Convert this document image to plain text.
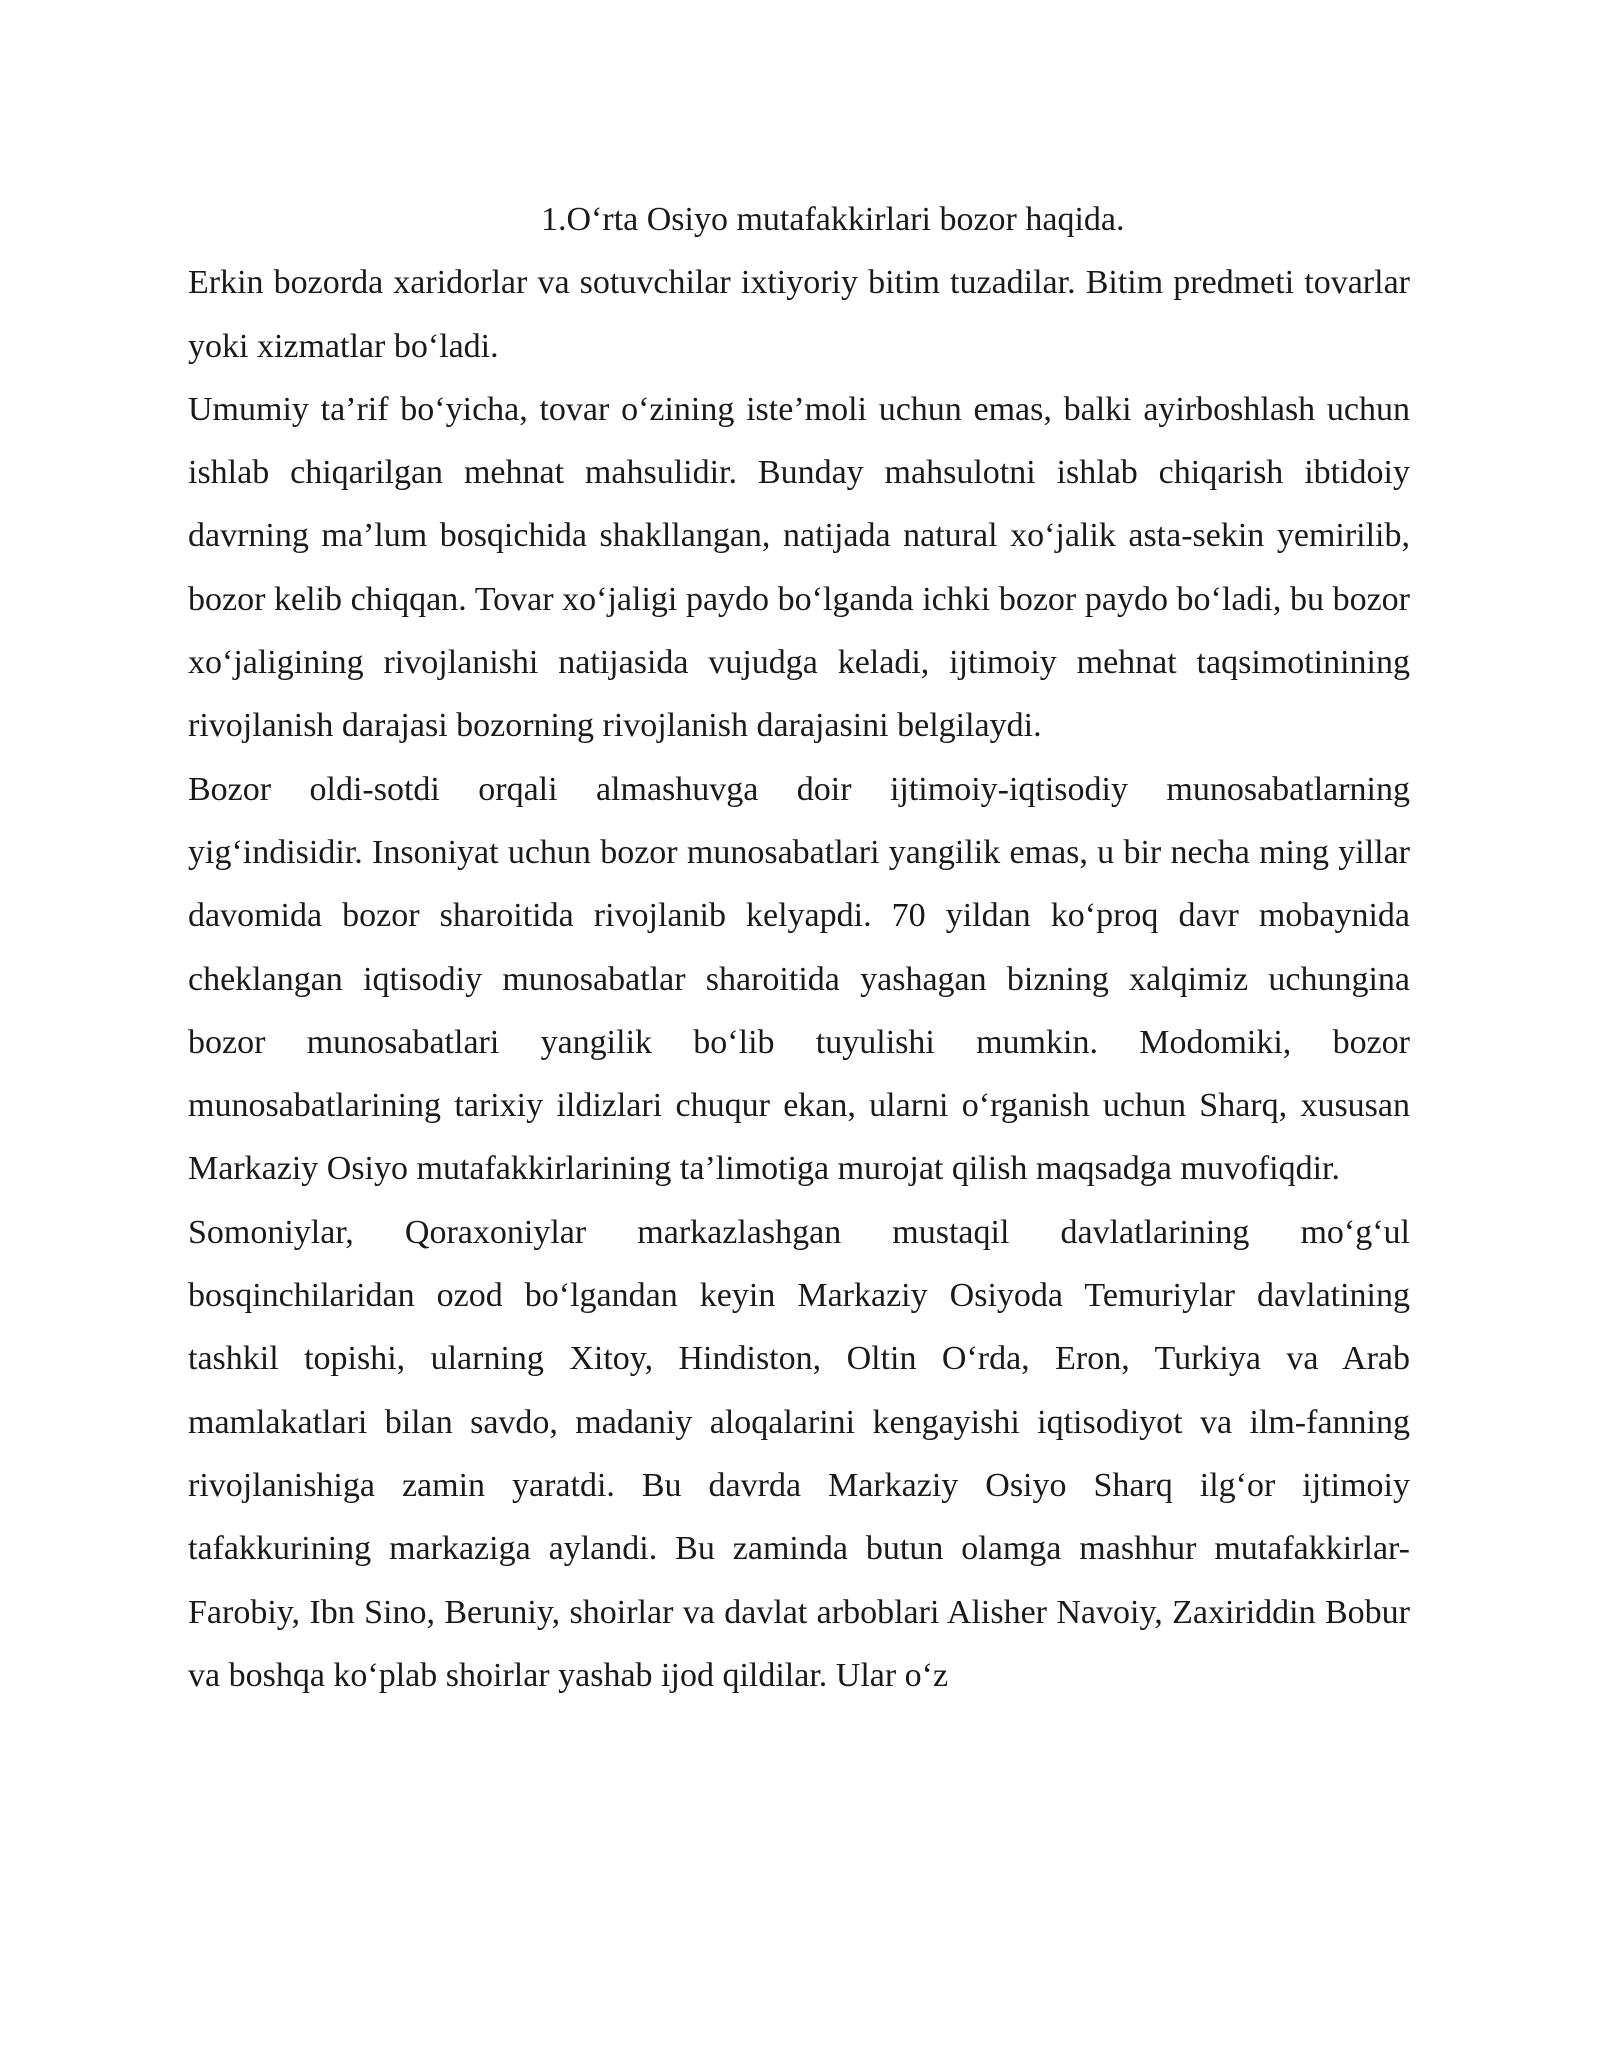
1.O‘rta Osiyo mutafakkirlari bozor haqida.

Erkin bozorda xaridorlar va sotuvchilar ixtiyoriy bitim tuzadilar. Bitim predmeti tovarlar yoki xizmatlar bo‘ladi.

Umumiy ta’rif bo‘yicha, tovar o‘zining iste’moli uchun emas, balki ayirboshlash uchun ishlab chiqarilgan mehnat mahsulidir. Bunday mahsulotni ishlab chiqarish ibtidoiy davrning ma’lum bosqichida shakllangan, natijada natural xo‘jalik asta-sekin yemirilib, bozor kelib chiqqan. Tovar xo‘jaligi paydo bo‘lganda ichki bozor paydo bo‘ladi, bu bozor xo‘jaligining rivojlanishi natijasida vujudga keladi, ijtimoiy mehnat taqsimotinining rivojlanish darajasi bozorning rivojlanish darajasini belgilaydi.

Bozor oldi-sotdi orqali almashuvga doir ijtimoiy-iqtisodiy munosabatlarning yig‘indisidir. Insoniyat uchun bozor munosabatlari yangilik emas, u bir necha ming yillar davomida bozor sharoitida rivojlanib kelyapdi. 70 yildan ko‘proq davr mobaynida cheklangan iqtisodiy munosabatlar sharoitida yashagan bizning xalqimiz uchungina bozor munosabatlari yangilik bo‘lib tuyulishi mumkin. Modomiki, bozor munosabatlarining tarixiy ildizlari chuqur ekan, ularni o‘rganish uchun Sharq, xususan Markaziy Osiyo mutafakkirlarining ta’limotiga murojat qilish maqsadga muvofiqdir.

Somoniylar, Qoraxoniylar markazlashgan mustaqil davlatlarining mo‘g‘ul bosqinchilaridan ozod bo‘lgandan keyin Markaziy Osiyoda Temuriylar davlatining tashkil topishi, ularning Xitoy, Hindiston, Oltin O‘rda, Eron, Turkiya va Arab mamlakatlari bilan savdo, madaniy aloqalarini kengayishi iqtisodiyot va ilm-fanning rivojlanishiga zamin yaratdi. Bu davrda Markaziy Osiyo Sharq ilg‘or ijtimoiy tafakkurining markaziga aylandi. Bu zaminda butun olamga mashhur mutafakkirlar-Farobiy, Ibn Sino, Beruniy, shoirlar va davlat arboblari Alisher Navoiy, Zaxiriddin Bobur va boshqa ko‘plab shoirlar yashab ijod qildilar. Ular o‘z
